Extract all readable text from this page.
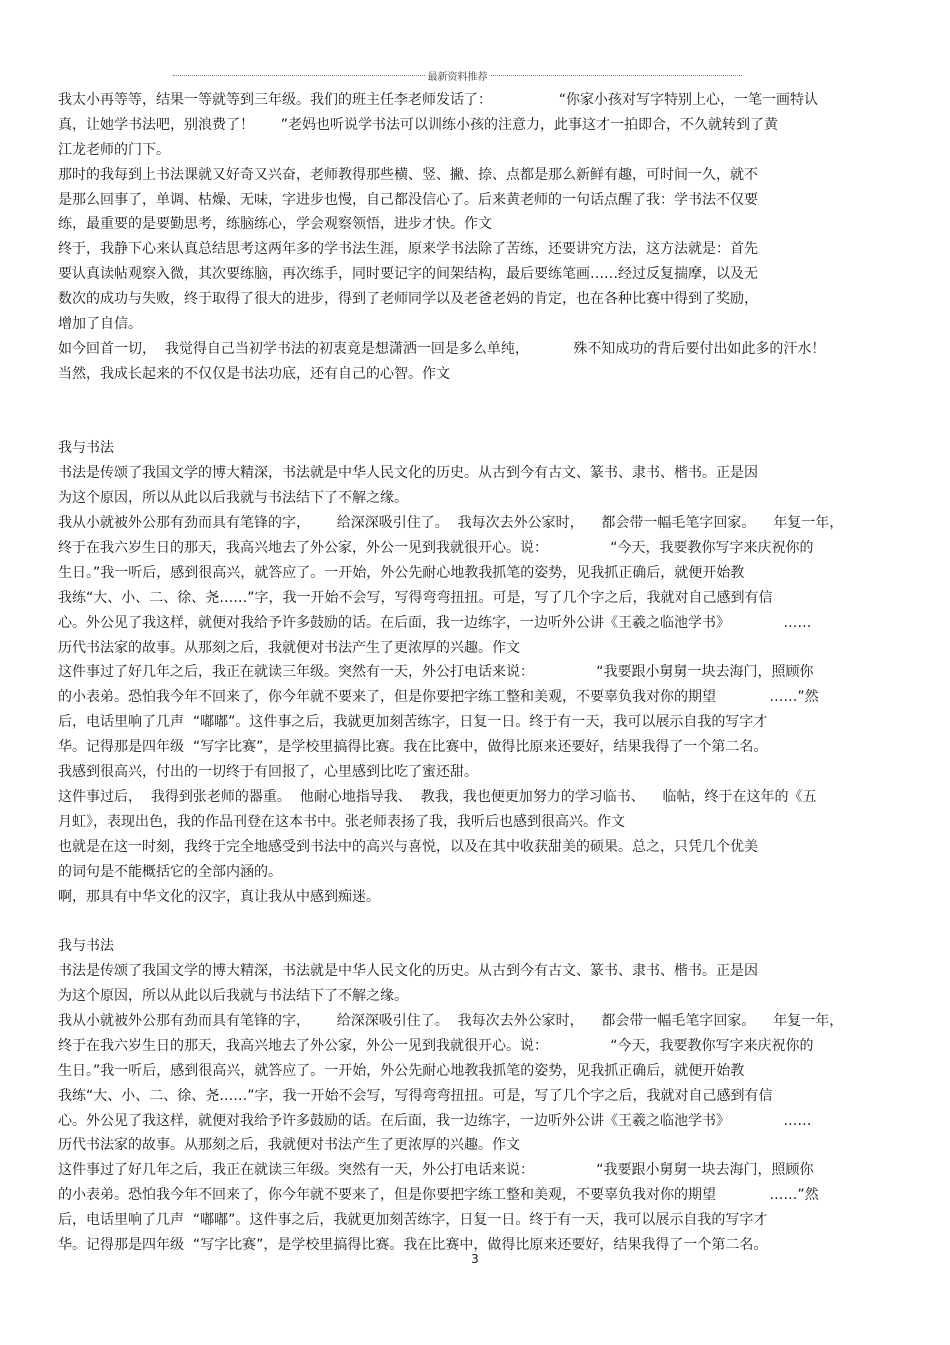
最新资料推荐
我太小再等等，结果一等就等到三年级。我们的班主任李老师发话了：               “你家小孩对写字特别上心，一笔一画特认
真，让她学书法吧，别浪费了！      ”老妈也听说学书法可以训练小孩的注意力，此事这才一拍即合，不久就转到了黄
江龙老师的门下。
那时的我每到上书法课就又好奇又兴奋，老师教得那些横、竖、撇、捺、点都是那么新鲜有趣，可时间一久，就不
是那么回事了，单调、枯燥、无味，字进步也慢，自己都没信心了。后来黄老师的一句话点醒了我：学书法不仅要
练，最重要的是要勤思考，练脑练心，学会观察领悟，进步才快。作文
终于，我静下心来认真总结思考这两年多的学书法生涯，原来学书法除了苦练，还要讲究方法，这方法就是：首先
要认真读帖观察入微，其次要练脑，再次练手，同时要记字的间架结构，最后要练笔画……经过反复揣摩，以及无
数次的成功与失败，终于取得了很大的进步，得到了老师同学以及老爸老妈的肯定，也在各种比赛中得到了奖励，
增加了自信。
如今回首一切，  我觉得自己当初学书法的初衷竟是想潇洒一回是多么单纯，          殊不知成功的背后要付出如此多的汗水！
当然，我成长起来的不仅仅是书法功底，还有自己的心智。作文
我与书法
书法是传颂了我国文学的博大精深，书法就是中华人民文化的历史。从古到今有古文、篆书、隶书、楷书。正是因
为这个原因，所以从此以后我就与书法结下了不解之缘。
我从小就被外公那有劲而具有笔锋的字，      给深深吸引住了。  我每次去外公家时，    都会带一幅毛笔字回家。    年复一年，
终于在我六岁生日的那天，我高兴地去了外公家，外公一见到我就很开心。说：              “今天，我要教你写字来庆祝你的
生日。”我一听后，感到很高兴，就答应了。一开始，外公先耐心地教我抓笔的姿势，见我抓正确后，就便开始教
我练“大、小、二、徐、尧……”字，我一开始不会写，写得弯弯扭扭。可是，写了几个字之后，我就对自己感到有信
心。外公见了我这样，就便对我给予许多鼓励的话。在后面，我一边练字，一边听外公讲《王羲之临池学书》            ……
历代书法家的故事。从那刻之后，我就便对书法产生了更浓厚的兴趣。作文
这件事过了好几年之后，我正在就读三年级。突然有一天，外公打电话来说：              “我要跟小舅舅一块去海门，照顾你
的小表弟。恐怕我今年不回来了，你今年就不要来了，但是你要把字练工整和美观，不要辜负我对你的期望            ……”然
后，电话里响了几声  “嘟嘟”。这件事之后，我就更加刻苦练字，日复一日。终于有一天，我可以展示自我的写字才
华。记得那是四年级  “写字比赛”，是学校里搞得比赛。我在比赛中，做得比原来还要好，结果我得了一个第二名。
我感到很高兴，付出的一切终于有回报了，心里感到比吃了蜜还甜。
这件事过后，  我得到张老师的器重。  他耐心地指导我、  教我，我也便更加努力的学习临书、    临帖，终于在这年的《五
月虹》，表现出色，我的作品刊登在这本书中。张老师表扬了我，我听后也感到很高兴。作文
也就是在这一时刻，我终于完全地感受到书法中的高兴与喜悦，以及在其中收获甜美的硕果。总之，只凭几个优美
的词句是不能概括它的全部内涵的。
啊，那具有中华文化的汉字，真让我从中感到痴迷。
我与书法
书法是传颂了我国文学的博大精深，书法就是中华人民文化的历史。从古到今有古文、篆书、隶书、楷书。正是因
为这个原因，所以从此以后我就与书法结下了不解之缘。
我从小就被外公那有劲而具有笔锋的字，      给深深吸引住了。  我每次去外公家时，    都会带一幅毛笔字回家。    年复一年，
终于在我六岁生日的那天，我高兴地去了外公家，外公一见到我就很开心。说：              “今天，我要教你写字来庆祝你的
生日。”我一听后，感到很高兴，就答应了。一开始，外公先耐心地教我抓笔的姿势，见我抓正确后，就便开始教
我练“大、小、二、徐、尧……”字，我一开始不会写，写得弯弯扭扭。可是，写了几个字之后，我就对自己感到有信
心。外公见了我这样，就便对我给予许多鼓励的话。在后面，我一边练字，一边听外公讲《王羲之临池学书》            ……
历代书法家的故事。从那刻之后，我就便对书法产生了更浓厚的兴趣。作文
这件事过了好几年之后，我正在就读三年级。突然有一天，外公打电话来说：              “我要跟小舅舅一块去海门，照顾你
的小表弟。恐怕我今年不回来了，你今年就不要来了，但是你要把字练工整和美观，不要辜负我对你的期望            ……”然
后，电话里响了几声  “嘟嘟”。这件事之后，我就更加刻苦练字，日复一日。终于有一天，我可以展示自我的写字才
华。记得那是四年级  “写字比赛”，是学校里搞得比赛。我在比赛中，做得比原来还要好，结果我得了一个第二名。
3
